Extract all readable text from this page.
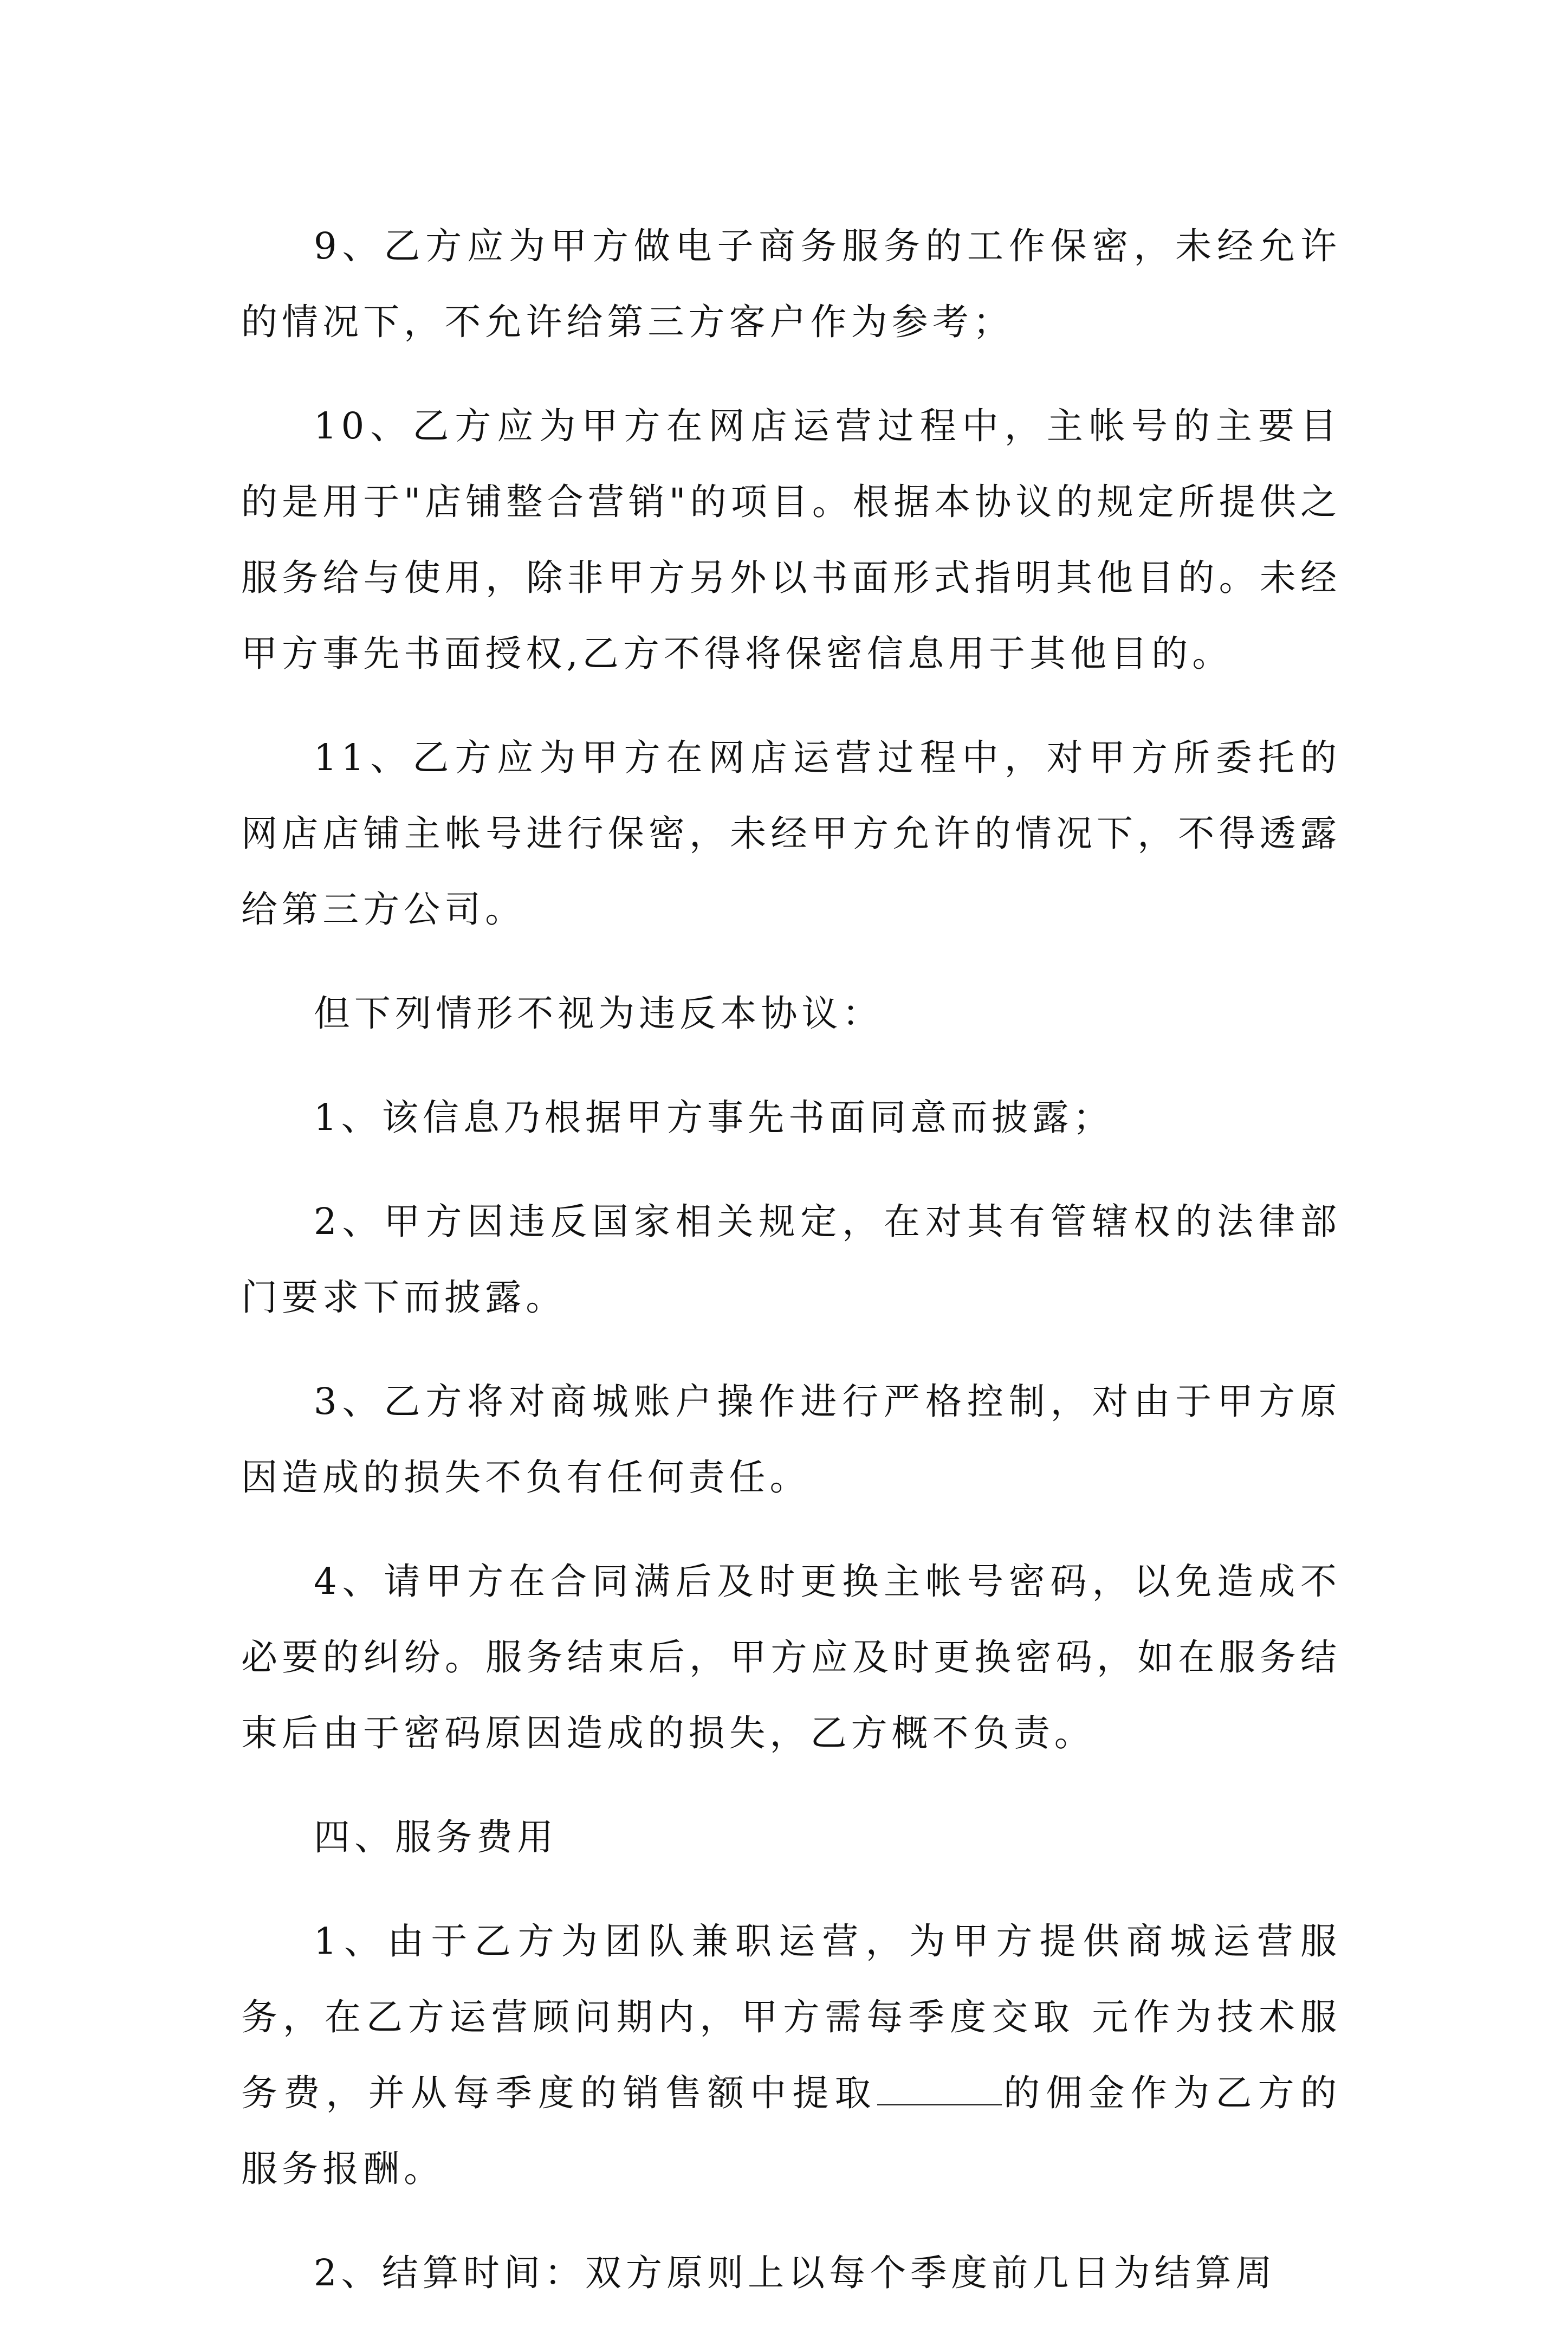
9、乙方应为甲方做电子商务服务的工作保密，未经允许的情况下，不允许给第三方客户作为参考；

10、乙方应为甲方在网店运营过程中，主帐号的主要目的是用于"店铺整合营销"的项目。根据本协议的规定所提供之服务给与使用，除非甲方另外以书面形式指明其他目的。未经甲方事先书面授权,乙方不得将保密信息用于其他目的。

11、乙方应为甲方在网店运营过程中，对甲方所委托的网店店铺主帐号进行保密，未经甲方允许的情况下，不得透露给第三方公司。

但下列情形不视为违反本协议：

1、该信息乃根据甲方事先书面同意而披露；

2、甲方因违反国家相关规定，在对其有管辖权的法律部门要求下而披露。

3、乙方将对商城账户操作进行严格控制，对由于甲方原因造成的损失不负有任何责任。

4、请甲方在合同满后及时更换主帐号密码，以免造成不必要的纠纷。服务结束后，甲方应及时更换密码，如在服务结束后由于密码原因造成的损失，乙方概不负责。

四、服务费用

1、由于乙方为团队兼职运营，为甲方提供商城运营服务，在乙方运营顾问期内，甲方需每季度交取 元作为技术服务费，并从每季度的销售额中提取	的佣金作为乙方的服务报酬。

2、结算时间：双方原则上以每个季度前几日为结算周
